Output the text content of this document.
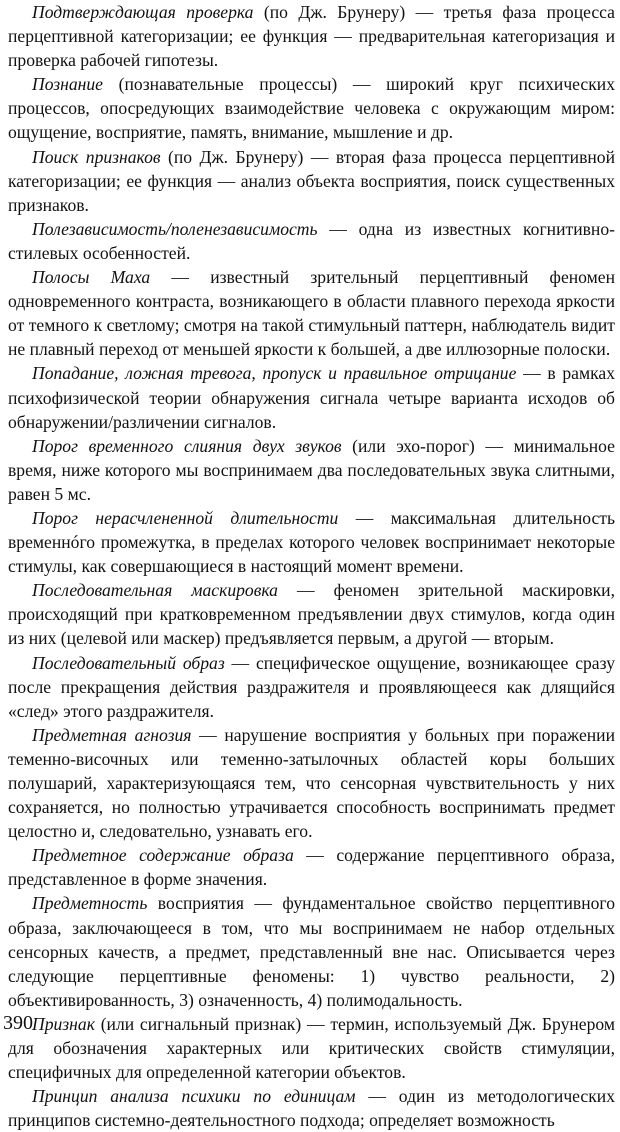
Подтверждающая проверка (по Дж. Брунеру) — третья фаза процесса перцептивной категоризации; ее функция — предварительная категоризация и проверка рабочей гипотезы.

Познание (познавательные процессы) — широкий круг психических процессов, опосредующих взаимодействие человека с окружающим миром: ощущение, восприятие, память, внимание, мышление и др.

Поиск признаков (по Дж. Брунеру) — вторая фаза процесса перцептивной категоризации; ее функция — анализ объекта восприятия, поиск существенных признаков.

Полезависимость/поленезависимость — одна из известных когнитивно-стилевых особенностей.

Полосы Маха — известный зрительный перцептивный феномен одновременного контраста, возникающего в области плавного перехода яркости от темного к светлому; смотря на такой стимульный паттерн, наблюдатель видит не плавный переход от меньшей яркости к большей, а две иллюзорные полоски.

Попадание, ложная тревога, пропуск и правильное отрицание — в рамках психофизической теории обнаружения сигнала четыре варианта исходов об обнаружении/различении сигналов.

Порог временного слияния двух звуков (или эхо-порог) — минимальное время, ниже которого мы воспринимаем два последовательных звука слитными, равен 5 мс.

Порог нерасчлененной длительности — максимальная длительность временнóго промежутка, в пределах которого человек воспринимает некоторые стимулы, как совершающиеся в настоящий момент времени.

Последовательная маскировка — феномен зрительной маскировки, происходящий при кратковременном предъявлении двух стимулов, когда один из них (целевой или маскер) предъявляется первым, а другой — вторым.

Последовательный образ — специфическое ощущение, возникающее сразу после прекращения действия раздражителя и проявляющееся как длящийся «след» этого раздражителя.

Предметная агнозия — нарушение восприятия у больных при поражении теменно-височных или теменно-затылочных областей коры больших полушарий, характеризующаяся тем, что сенсорная чувствительность у них сохраняется, но полностью утрачивается способность воспринимать предмет целостно и, следовательно, узнавать его.

Предметное содержание образа — содержание перцептивного образа, представленное в форме значения.

Предметность восприятия — фундаментальное свойство перцептивного образа, заключающееся в том, что мы воспринимаем не набор отдельных сенсорных качеств, а предмет, представленный вне нас. Описывается через следующие перцептивные феномены: 1) чувство реальности, 2) объективированность, 3) означенность, 4) полимодальность.

Признак (или сигнальный признак) — термин, используемый Дж. Брунером для обозначения характерных или критических свойств стимуляции, специфичных для определенной категории объектов.

Принцип анализа психики по единицам — один из методологических принципов системно-деятельностного подхода; определяет возможность

390
